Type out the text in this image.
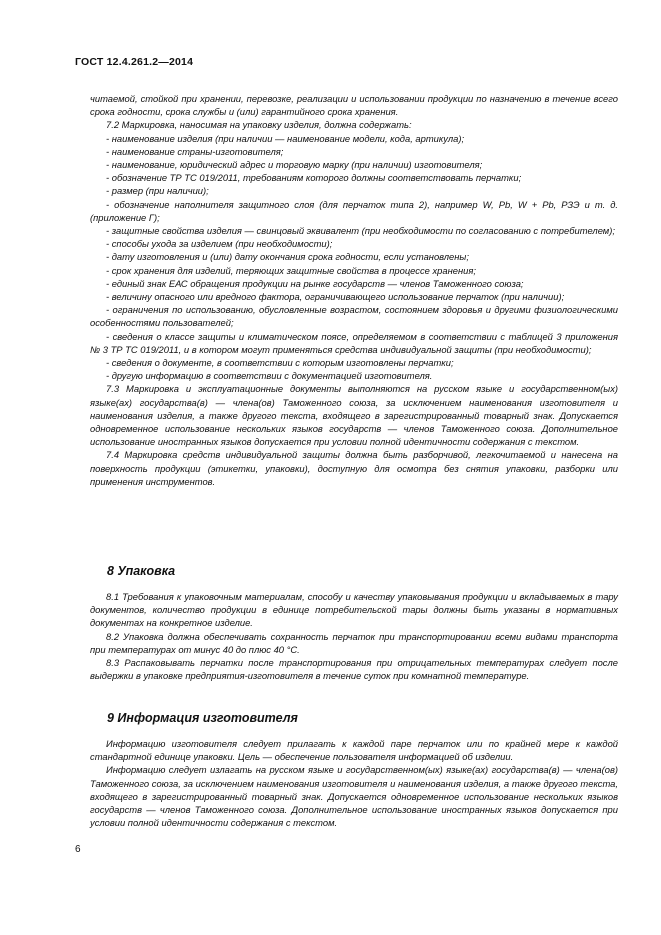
ГОСТ 12.4.261.2—2014

читаемой, стойкой при хранении, перевозке, реализации и использовании продукции по назначению в течение всего срока годности, срока службы и (или) гарантийного срока хранения.

7.2 Маркировка, наносимая на упаковку изделия, должна содержать:

- наименование изделия (при наличии — наименование модели, кода, артикула);

- наименование страны-изготовителя;

- наименование, юридический адрес и торговую марку (при наличии) изготовителя;

- обозначение ТР ТС 019/2011, требованиям которого должны соответствовать перчатки;

- размер (при наличии);

- обозначение наполнителя защитного слоя (для перчаток типа 2), например W, Pb, W + Pb, РЗЭ и т. д. (приложение Г);

- защитные свойства изделия — свинцовый эквивалент (при необходимости по согласованию с потребителем);

- способы ухода за изделием (при необходимости);

- дату изготовления и (или) дату окончания срока годности, если установлены;

- срок хранения для изделий, теряющих защитные свойства в процессе хранения;

- единый знак ЕАС обращения продукции на рынке государств — членов Таможенного союза;

- величину опасного или вредного фактора, ограничивающего использование перчаток (при наличии);

- ограничения по использованию, обусловленные возрастом, состоянием здоровья и другими физиологическими особенностями пользователей;

- сведения о классе защиты и климатическом поясе, определяемом в соответствии с таблицей 3 приложения № 3 ТР ТС 019/2011, и в котором могут применяться средства индивидуальной защиты (при необходимости);

- сведения о документе, в соответствии с которым изготовлены перчатки;

- другую информацию в соответствии с документацией изготовителя.

7.3 Маркировка и эксплуатационные документы выполняются на русском языке и государственном(ых) языке(ах) государства(в) — члена(ов) Таможенного союза, за исключением наименования изготовителя и наименования изделия, а также другого текста, входящего в зарегистрированный товарный знак. Допускается одновременное использование нескольких языков государств — членов Таможенного союза. Дополнительное использование иностранных языков допускается при условии полной идентичности содержания с текстом.

7.4 Маркировка средств индивидуальной защиты должна быть разборчивой, легкочитаемой и нанесена на поверхность продукции (этикетки, упаковки), доступную для осмотра без снятия упаковки, разборки или применения инструментов.

8 Упаковка

8.1 Требования к упаковочным материалам, способу и качеству упаковывания продукции и вкладываемых в тару документов, количество продукции в единице потребительской тары должны быть указаны в нормативных документах на конкретное изделие.

8.2 Упаковка должна обеспечивать сохранность перчаток при транспортировании всеми видами транспорта при температурах от минус 40 до плюс 40 °С.

8.3 Распаковывать перчатки после транспортирования при отрицательных температурах следует после выдержки в упаковке предприятия-изготовителя в течение суток при комнатной температуре.

9 Информация изготовителя

Информацию изготовителя следует прилагать к каждой паре перчаток или по крайней мере к каждой стандартной единице упаковки. Цель — обеспечение пользователя информацией об изделии.

Информацию следует излагать на русском языке и государственном(ых) языке(ах) государства(в) — члена(ов) Таможенного союза, за исключением наименования изготовителя и наименования изделия, а также другого текста, входящего в зарегистрированный товарный знак. Допускается одновременное использование нескольких языков государств — членов Таможенного союза. Дополнительное использование иностранных языков допускается при условии полной идентичности содержания с текстом.

6
